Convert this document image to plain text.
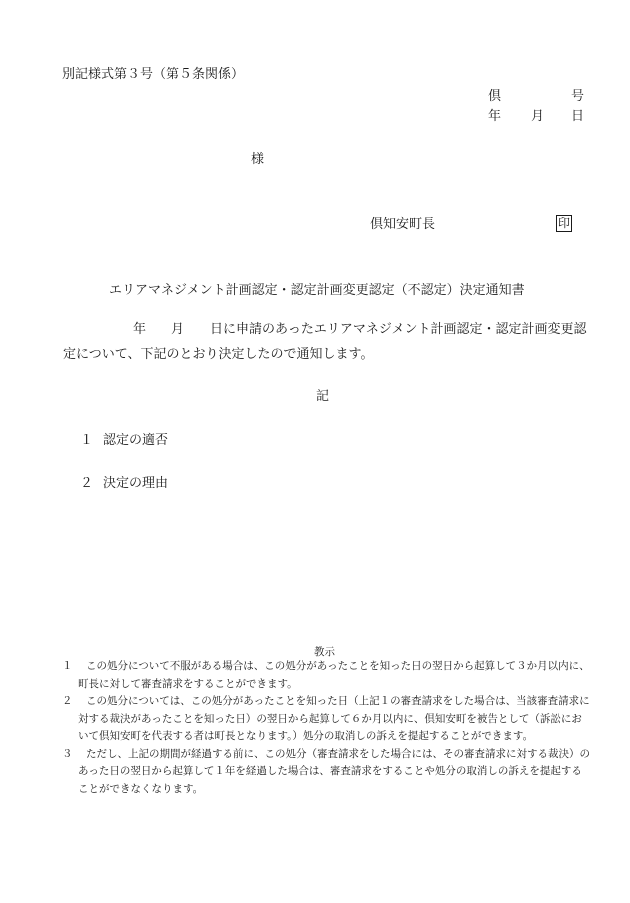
別記様式第３号（第５条関係）
倶	号
年 月 日
様
倶知安町長	印
エリアマネジメント計画認定・認定計画変更認定（不認定）決定通知書
年 月	日に申請のあったエリアマネジメント計画認定・認定計画変更認定について、下記のとおり決定したので通知します。

記
１ 認定の適否
２ 決定の理由
教示
１	この処分について不服がある場合は、この処分があったことを知った日の翌日から起算して３か月以内に、町長に対して審査請求をすることができます。
２	この処分については、この処分があったことを知った日（上記１の審査請求をした場合は、当該審査請求に対する裁決があったことを知った日）の翌日から起算して６か月以内に、倶知安町を被告として（訴訟において倶知安町を代表する者は町長となります。）処分の取消しの訴えを提起することができます。
３	ただし、上記の期間が経過する前に、この処分（審査請求をした場合には、その審査請求に対する裁決）のあった日の翌日から起算して１年を経過した場合は、審査請求をすることや処分の取消しの訴えを提起することができなくなります。
